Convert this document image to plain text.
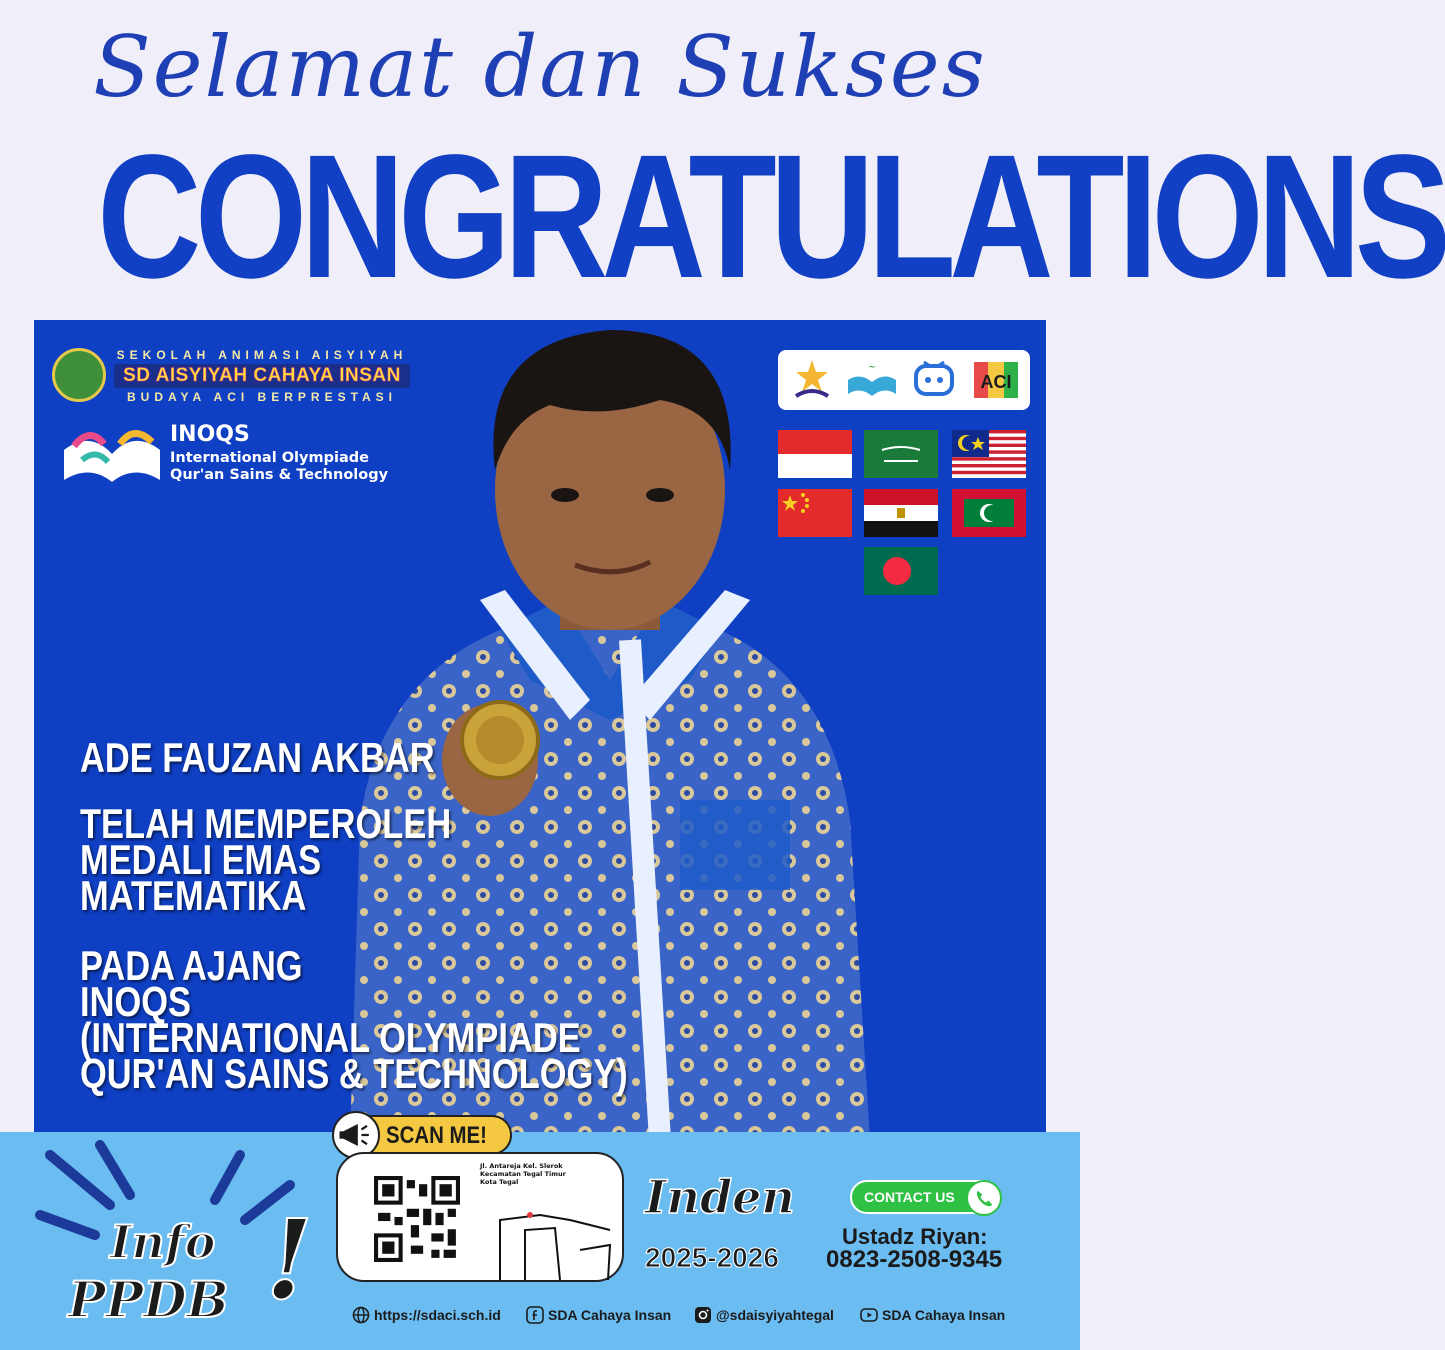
Selamat dan Sukses
CONGRATULATIONS
SEKOLAH ANIMASI AISYIYAH
SD AISYIYAH CAHAYA INSAN
BUDAYA ACI BERPRESTASI
INOQS
International Olympiade
Qur'an Sains & Technology
~
ACI
ADE FAUZAN AKBAR
TELAH MEMPEROLEH
MEDALI EMAS
MATEMATIKA
PADA AJANG
INOQS
(INTERNATIONAL OLYMPIADE
QUR'AN SAINS & TECHNOLOGY)
Info
PPDB !
SCAN ME!
Jl. Antareja Kel. Slerok
Kecamatan Tegal Timur
Kota Tegal	Inden
2025-2026
CONTACT US
Ustadz Riyan:
0823-2508-9345
https://sdaci.sch.id	SDA Cahaya Insan	@sdaisyiyahtegal	SDA Cahaya Insan
